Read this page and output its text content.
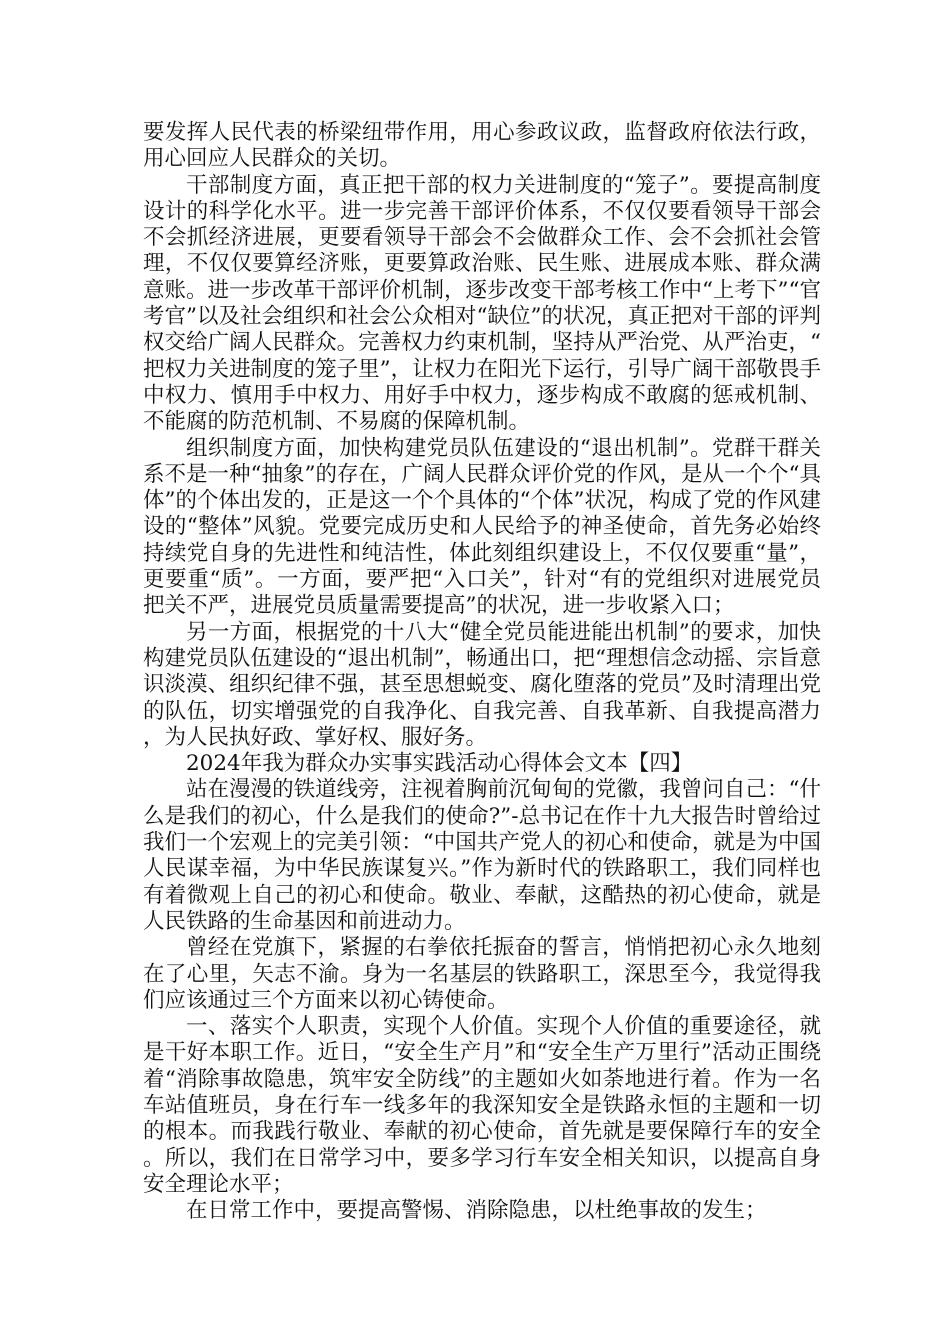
要发挥人民代表的桥梁纽带作用，用心参政议政，监督政府依法行政，用心回应人民群众的关切。

干部制度方面，真正把干部的权力关进制度的“笼子”。要提高制度设计的科学化水平。进一步完善干部评价体系，不仅仅要看领导干部会不会抓经济进展，更要看领导干部会不会做群众工作、会不会抓社会管理，不仅仅要算经济账，更要算政治账、民生账、进展成本账、群众满意账。进一步改革干部评价机制，逐步改变干部考核工作中“上考下”“官考官”以及社会组织和社会公众相对“缺位”的状况，真正把对干部的评判权交给广阔人民群众。完善权力约束机制，坚持从严治党、从严治吏，“把权力关进制度的笼子里”，让权力在阳光下运行，引导广阔干部敬畏手中权力、慎用手中权力、用好手中权力，逐步构成不敢腐的惩戒机制、不能腐的防范机制、不易腐的保障机制。

组织制度方面，加快构建党员队伍建设的“退出机制”。党群干群关系不是一种“抽象”的存在，广阔人民群众评价党的作风，是从一个个“具体”的个体出发的，正是这一个个具体的“个体”状况，构成了党的作风建设的“整体”风貌。党要完成历史和人民给予的神圣使命，首先务必始终持续党自身的先进性和纯洁性，体此刻组织建设上，不仅仅要重“量”，更要重“质”。一方面，要严把“入口关”，针对“有的党组织对进展党员把关不严，进展党员质量需要提高”的状况，进一步收紧入口；

另一方面，根据党的十八大“健全党员能进能出机制”的要求，加快构建党员队伍建设的“退出机制”，畅通出口，把“理想信念动摇、宗旨意识淡漠、组织纪律不强，甚至思想蜕变、腐化堕落的党员”及时清理出党的队伍，切实增强党的自我净化、自我完善、自我革新、自我提高潜力，为人民执好政、掌好权、服好务。

2024年我为群众办实事实践活动心得体会文本【四】

站在漫漫的铁道线旁，注视着胸前沉甸甸的党徽，我曾问自己：“什么是我们的初心，什么是我们的使命?”-总书记在作十九大报告时曾给过我们一个宏观上的完美引领：“中国共产党人的初心和使命，就是为中国人民谋幸福，为中华民族谋复兴。”作为新时代的铁路职工，我们同样也有着微观上自己的初心和使命。敬业、奉献，这酷热的初心使命，就是人民铁路的生命基因和前进动力。

曾经在党旗下，紧握的右拳依托振奋的誓言，悄悄把初心永久地刻在了心里，矢志不渝。身为一名基层的铁路职工，深思至今，我觉得我们应该通过三个方面来以初心铸使命。

一、落实个人职责，实现个人价值。实现个人价值的重要途径，就是干好本职工作。近日，“安全生产月”和“安全生产万里行”活动正围绕着“消除事故隐患，筑牢安全防线”的主题如火如荼地进行着。作为一名车站值班员，身在行车一线多年的我深知安全是铁路永恒的主题和一切的根本。而我践行敬业、奉献的初心使命，首先就是要保障行车的安全。所以，我们在日常学习中，要多学习行车安全相关知识，以提高自身安全理论水平；

在日常工作中，要提高警惕、消除隐患，以杜绝事故的发生；
